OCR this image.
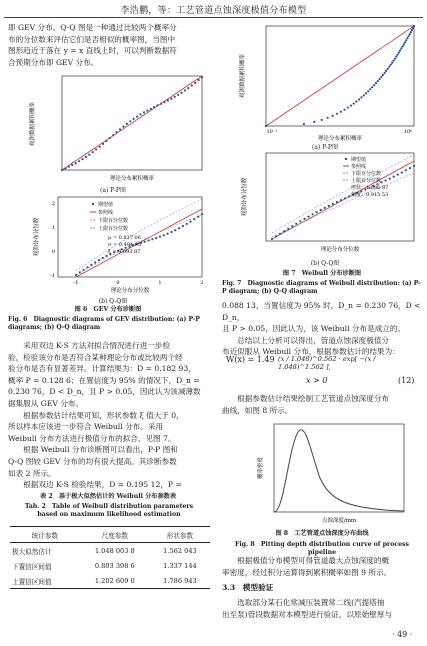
李浩鹏，等：工艺管道点蚀深度极值分布模型
即 GEV 分布。Q-Q 图是一种通过比较两个概率分
布的分位数来评估它们是否相似的概率图，当图中
图形趋近于落在 y = x 直线上时，可以判断数据符
合预期分布即 GEV 分布。
观测数据累积概率
理论分布累积概率
(a) P-P图
期望值
参照线
下限百分位数
上限百分位数
μ = 0.817 06
σ = 0.494 95
ξ = 0.093 87
-1	0	1	2
-1
0
1
2
观测分布分位数
理论分布分位数
(b) Q-Q图
图 6　GEV 分布诊断图
Fig. 6　Diagnostic diagrams of GEV distribution: (a) P-P diagrams; (b) Q-Q diagram
　　采用双边 K-S 方法对拟合情况进行进一步检
验，检验该分布是否符合某种理论分布或比较两个经
验分布是否有显著差异。计算结果为：D = 0.182 93，
概率 P = 0.128 6；在置信度为 95% 的情况下，D_n =
0.230 76，D < D_n，且 P > 0.05，因此认为该减薄数
据集服从 GEV 分布。
　　根据参数估计结果可知，形状参数 ξ 值大于 0，
所以样本应该进一步符合 Weibull 分布。采用
Weibull 分布方法进行极值分布的拟合，见图 7。
　　根据 Weibull 分布诊断图可以看出，P-P 图和
Q-Q 图较 GEV 分布的均有很大提高。其诊断参数
如表 2 所示。
　　根据双边 K-S 检验结果，D = 0.195 12，P =
表 2　基于极大似然估计的 Weibull 分布参数表
Tab. 2　Table of Weibull distribution parameters based on maximum likelihood estimation
统计参数	尺度参数	形状参数
极大似然估计	1.048 003 8	1.562 043
下置信区间值	0.893 398 6	1.337 144
上置信区间值	1.202 609 0	1.786 943
10⁻¹	10⁰
观测数据累积概率
理论分布累积概率
(a) P-P图
期望值
参照线
下限百分位数
上限百分位数
形状：1.686 87
刻度：0.915 53
观测分布分位数
理论分布分位数
(b) Q-Q图
图 7　Weibull 分布诊断图
Fig. 7　Diagnostic diagrams of Weibull distribution: (a) P-P diagram; (b) Q-Q diagram
0.088 13，当置信度为 95% 时，D_n = 0.230 76，D < D_n，
且 P > 0.05，因此认为，该 Weibull 分布是成立的。
　　总结以上分析可以得出，管道点蚀深度极值分
布近似服从 Weibull 分布，根据参数估计的结果为：
W(x) = 1.49 (x / 1.048)^0.562 · exp[ −(x / 1.048)^1.562 ],
x > 0	(12)
　　根据参数估计结果绘制工艺管道点蚀深度分布
曲线，如图 8 所示。
概率密度
点蚀深度/mm
图 8　工艺管道点蚀深度分布曲线
Fig. 8　Pitting depth distribution curve of process pipeline
　　根据极值分布模型可得管道最大点蚀深度的概
率密度，经过积分运算得到累积概率如图 9 所示。
3.3　模型验证
　　选取部分某石化常减压装置常二线(汽提塔抽
出至泵)管段数据对本模型进行验证，以原始壁厚与
· 49 ·
